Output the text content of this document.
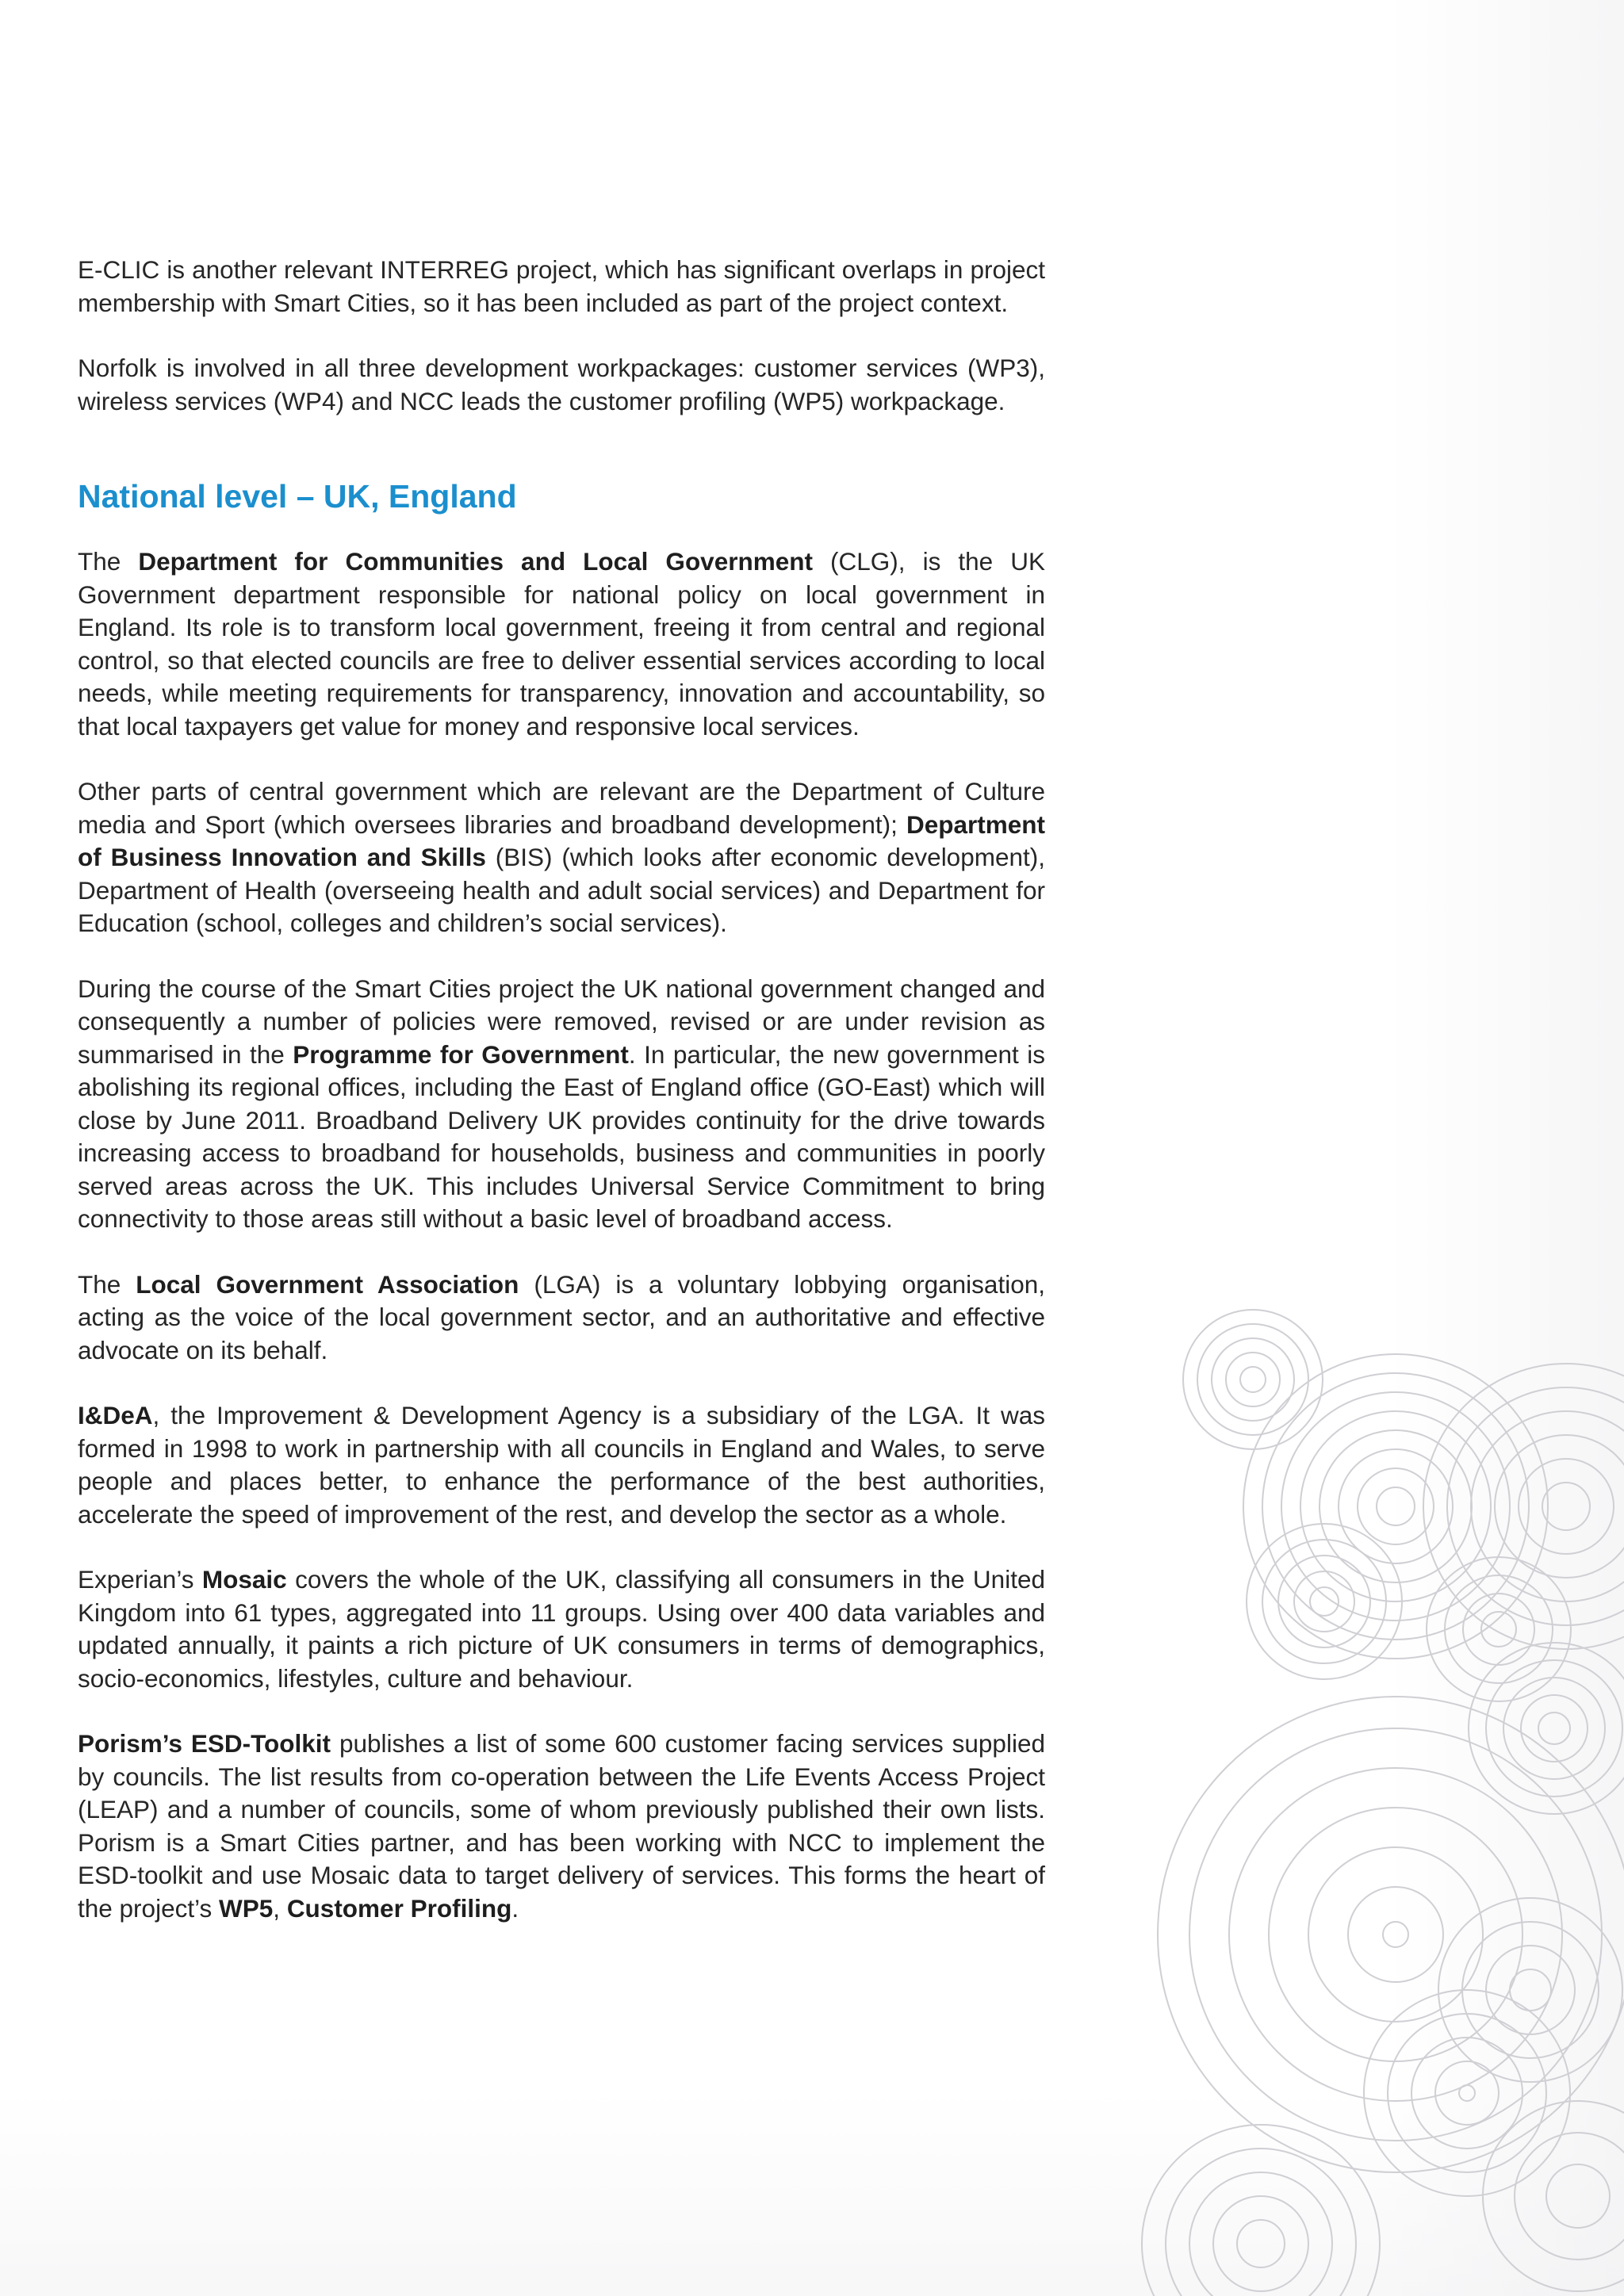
E-CLIC is another relevant INTERREG project, which has significant overlaps in project membership with Smart Cities, so it has been included as part of the project context.

Norfolk is involved in all three development workpackages: customer services (WP3), wireless services (WP4) and NCC leads the customer profiling (WP5) workpackage.

National level – UK, England

The Department for Communities and Local Government (CLG), is the UK Government department responsible for national policy on local government in England. Its role is to transform local government, freeing it from central and regional control, so that elected councils are free to deliver essential services according to local needs, while meeting requirements for transparency, innovation and accountability, so that local taxpayers get value for money and responsive local services.

Other parts of central government which are relevant are the Department of Culture media and Sport (which oversees libraries and broadband development); Department of Business Innovation and Skills (BIS) (which looks after economic development), Department of Health (overseeing health and adult social services) and Department for Education (school, colleges and children’s social services).

During the course of the Smart Cities project the UK national government changed and consequently a number of policies were removed, revised or are under revision as summarised in the Programme for Government. In particular, the new government is abolishing its regional offices, including the East of England office (GO-East) which will close by June 2011. Broadband Delivery UK provides continuity for the drive towards increasing access to broadband for households, business and communities in poorly served areas across the UK. This includes Universal Service Commitment to bring connectivity to those areas still without a basic level of broadband access.

The Local Government Association (LGA) is a voluntary lobbying organisation, acting as the voice of the local government sector, and an authoritative and effective advocate on its behalf.

I&DeA, the Improvement & Development Agency is a subsidiary of the LGA. It was formed in 1998 to work in partnership with all councils in England and Wales, to serve people and places better, to enhance the performance of the best authorities, accelerate the speed of improvement of the rest, and develop the sector as a whole.

Experian’s Mosaic covers the whole of the UK, classifying all consumers in the United Kingdom into 61 types, aggregated into 11 groups. Using over 400 data variables and updated annually, it paints a rich picture of UK consumers in terms of demographics, socio-economics, lifestyles, culture and behaviour.

Porism’s ESD-Toolkit publishes a list of some 600 customer facing services supplied by councils. The list results from co-operation between the Life Events Access Project (LEAP) and a number of councils, some of whom previously published their own lists. Porism is a Smart Cities partner, and has been working with NCC to implement the ESD-toolkit and use Mosaic data to target delivery of services. This forms the heart of the project’s WP5, Customer Profiling.
